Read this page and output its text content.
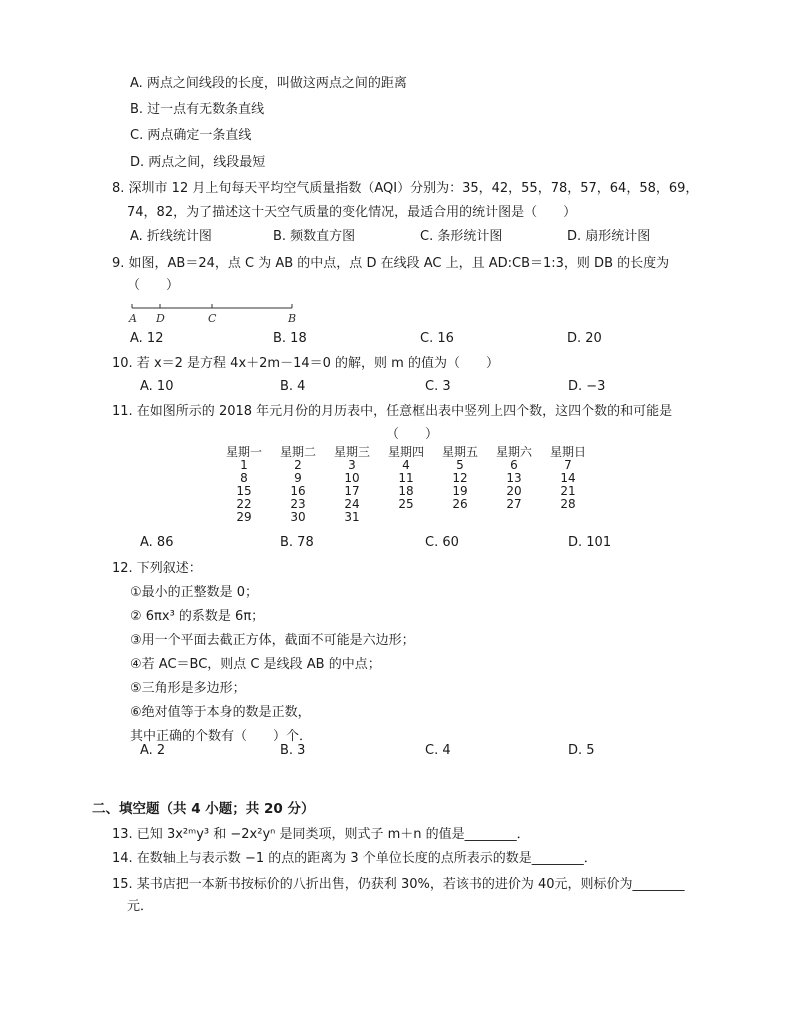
A. 两点之间线段的长度，叫做这两点之间的距离
B. 过一点有无数条直线
C. 两点确定一条直线
D. 两点之间，线段最短
8. 深圳市 12 月上旬每天平均空气质量指数（AQI）分别为：35，42，55，78，57，64，58，69，
74，82，为了描述这十天空气质量的变化情况，最适合用的统计图是（　　）
A. 折线统计图	B. 频数直方图	C. 条形统计图	D. 扇形统计图
9. 如图，AB＝24，点 C 为 AB 的中点，点 D 在线段 AC 上，且 AD:CB＝1:3，则 DB 的长度为
（　　）
A D	C	B
A. 12	B. 18	C. 16	D. 20
10. 若 x＝2 是方程 4x＋2m－14＝0 的解，则 m 的值为（　　）
A. 10	B. 4	C. 3	D. −3
11. 在如图所示的 2018 年元月份的月历表中，任意框出表中竖列上四个数，这四个数的和可能是
（　　）
星期一	星期二	星期三	星期四	星期五	星期六	星期日
1	2	3	4	5	6	7
8	9	10	11	12	13	14
15	16	17	18	19	20	21
22	23	24	25	26	27	28
29	30	31
A. 86	B. 78	C. 60	D. 101
12. 下列叙述：
①最小的正整数是 0；
② 6πx³ 的系数是 6π；
③用一个平面去截正方体，截面不可能是六边形；
④若 AC＝BC，则点 C 是线段 AB 的中点；
⑤三角形是多边形；
⑥绝对值等于本身的数是正数，
其中正确的个数有（　　）个．
A. 2	B. 3	C. 4	D. 5
二、填空题（共 4 小题；共 20 分）
13. 已知 3x²ᵐy³ 和 −2x²yⁿ 是同类项，则式子 m＋n 的值是________．
14. 在数轴上与表示数 −1 的点的距离为 3 个单位长度的点所表示的数是________．
15. 某书店把一本新书按标价的八折出售，仍获利 30%，若该书的进价为 40元，则标价为________
元．
